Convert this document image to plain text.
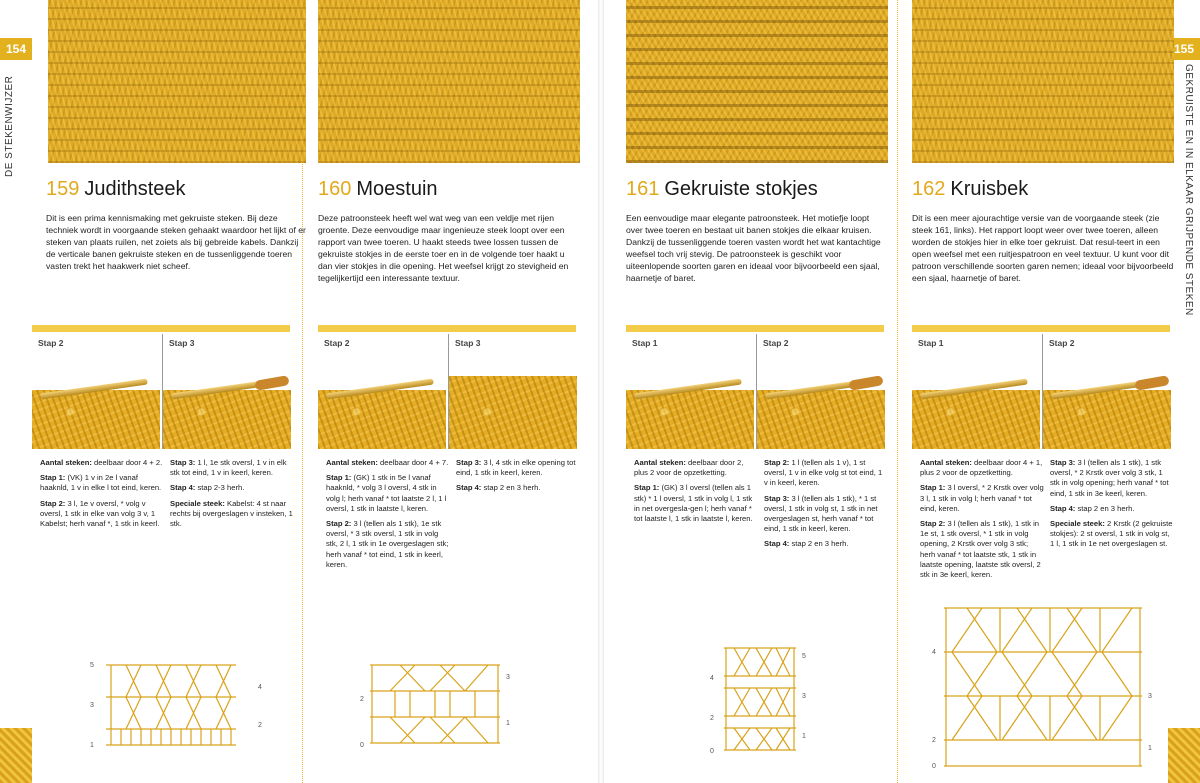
154
DE STEKENWIJZER
155
GEKRUISTE EN IN ELKAAR GRIJPENDE STEKEN
159 Judithsteek

Dit is een prima kennismaking met gekruiste steken. Bij deze techniek wordt in voorgaande steken gehaakt waardoor het lijkt of er steken van plaats ruilen, net zoiets als bij gebreide kabels. Dankzij de verticale banen gekruiste steken en de tussenliggende toeren vasten trekt het haakwerk niet scheef.

Stap 2	Stap 3

Aantal steken: deelbaar door 4 + 2.

Stap 1: (VK) 1 v in 2e l vanaf haaknld, 1 v in elke l tot eind, keren.

Stap 2: 3 l, 1e v oversl, * volg v oversl, 1 stk in elke van volg 3 v, 1 Kabelst; herh vanaf *, 1 stk in keerl.

Stap 3: 1 l, 1e stk oversl, 1 v in elk stk tot eind, 1 v in keerl, keren.

Stap 4: stap 2-3 herh.

Speciale steek: Kabelst: 4 st naar rechts bij overgeslagen v insteken, 1 stk.

5
3
1
4
2
160 Moestuin

Deze patroonsteek heeft wel wat weg van een veldje met rijen groente. Deze eenvoudige maar ingenieuze steek loopt over een rapport van twee toeren. U haakt steeds twee lossen tussen de gekruiste stokjes in de eerste toer en in de volgende toer haakt u dan vier stokjes in die opening. Het weefsel krijgt zo stevigheid en tegelijkertijd een interessante textuur.

Stap 2	Stap 3

Aantal steken: deelbaar door 4 + 7.

Stap 1: (GK) 1 stk in 5e l vanaf haaknld, * volg 3 l oversl, 4 stk in volg l; herh vanaf * tot laatste 2 l, 1 l oversl, 1 stk in laatste l, keren.

Stap 2: 3 l (tellen als 1 stk), 1e stk oversl, * 3 stk oversl, 1 stk in volg stk, 2 l, 1 stk in 1e overgeslagen stk; herh vanaf * tot eind, 1 stk in keerl, keren.

Stap 3: 3 l, 4 stk in elke opening tot eind, 1 stk in keerl, keren.

Stap 4: stap 2 en 3 herh.

2
0
3
1
161 Gekruiste stokjes

Een eenvoudige maar elegante patroonsteek. Het motiefje loopt over twee toeren en bestaat uit banen stokjes die elkaar kruisen. Dankzij de tussenliggende toeren vasten wordt het wat kantachtige weefsel toch vrij stevig. De patroonsteek is geschikt voor uiteenlopende soorten garen en ideaal voor bijvoorbeeld een sjaal, haarnetje of baret.

Stap 1	Stap 2

Aantal steken: deelbaar door 2, plus 2 voor de opzetketting.

Stap 1: (GK) 3 l oversl (tellen als 1 stk) * 1 l oversl, 1 stk in volg l, 1 stk in net overgesla-gen l; herh vanaf * tot laatste l, 1 stk in laatste l, keren.

Stap 2: 1 l (tellen als 1 v), 1 st oversl, 1 v in elke volg st tot eind, 1 v in keerl, keren.

Stap 3: 3 l (tellen als 1 stk), * 1 st oversl, 1 stk in volg st, 1 stk in net overgeslagen st, herh vanaf * tot eind, 1 stk in keerl, keren.

Stap 4: stap 2 en 3 herh.

4
2
0
5
3
1
162 Kruisbek

Dit is een meer ajourachtige versie van de voorgaande steek (zie steek 161, links). Het rapport loopt weer over twee toeren, alleen worden de stokjes hier in elke toer gekruist. Dat resul-teert in een open weefsel met een ruitjespatroon en veel textuur. U kunt voor dit patroon verschillende soorten garen nemen; ideaal voor bijvoorbeeld een sjaal, haarnetje of baret.

Stap 1	Stap 2

Aantal steken: deelbaar door 4 + 1, plus 2 voor de opzetketting.

Stap 1: 3 l oversl, * 2 Krstk over volg 3 l, 1 stk in volg l; herh vanaf * tot eind, keren.

Stap 2: 3 l (tellen als 1 stk), 1 stk in 1e st, 1 stk oversl, * 1 stk in volg opening, 2 Krstk over volg 3 stk; herh vanaf * tot laatste stk, 1 stk in laatste opening, laatste stk oversl, 2 stk in 3e keerl, keren.

Stap 3: 3 l (tellen als 1 stk), 1 stk oversl, * 2 Krstk over volg 3 stk, 1 stk in volg opening; herh vanaf * tot eind, 1 stk in 3e keerl, keren.

Stap 4: stap 2 en 3 herh.

Speciale steek: 2 Krstk (2 gekruiste stokjes): 2 st oversl, 1 stk in volg st, 1 l, 1 stk in 1e net overgeslagen st.

4
2
0
3
1
